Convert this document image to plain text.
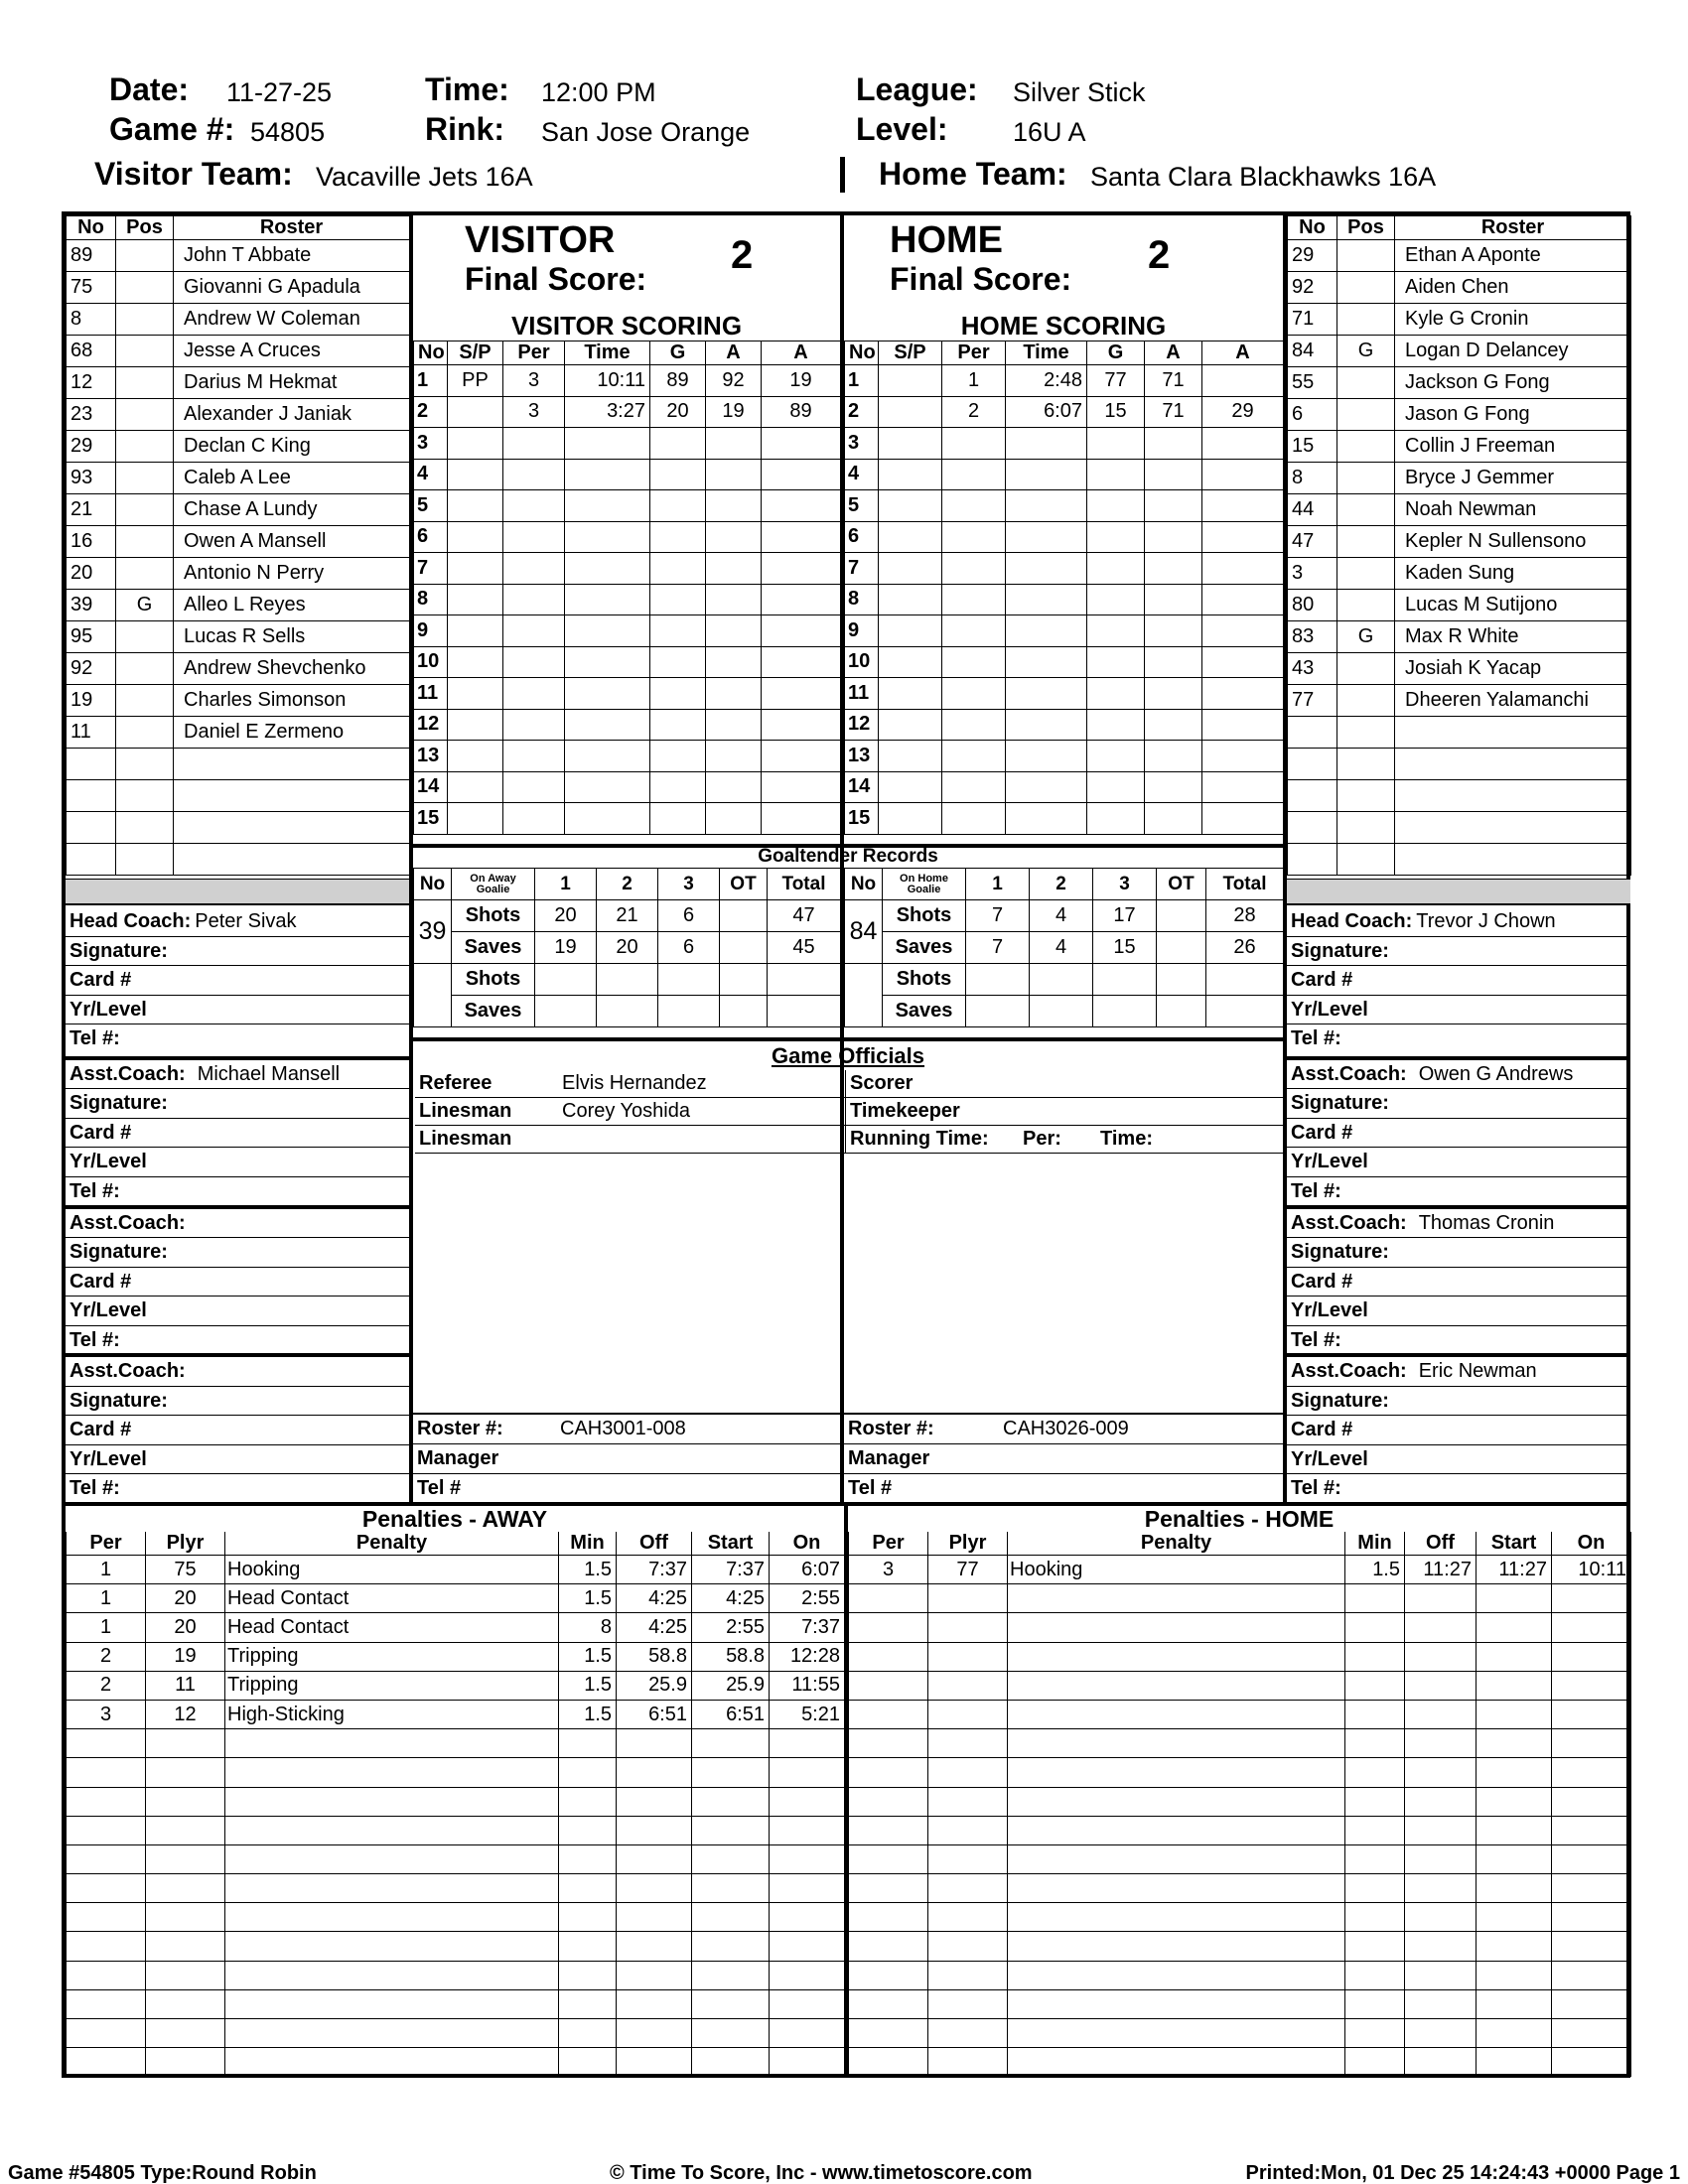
Date: 11-27-25	Time: 12:00 PM	League: Silver Stick
Game #: 54805	Rink: San Jose Orange	Level: 16U A
Visitor Team: Vacaville Jets 16A	Home Team: Santa Clara Blackhawks 16A
No	Pos	Roster
89		John T Abbate
75		Giovanni G Apadula
8		Andrew W Coleman
68		Jesse A Cruces
12		Darius M Hekmat
23		Alexander J Janiak
29		Declan C King
93		Caleb A Lee
21		Chase A Lundy
16		Owen A Mansell
20		Antonio N Perry
39	G	Alleo L Reyes
95		Lucas R Sells
92		Andrew Shevchenko
19		Charles Simonson
11		Daniel E Zermeno

No	Pos	Roster
29		Ethan A Aponte
92		Aiden Chen
71		Kyle G Cronin
84	G	Logan D Delancey
55		Jackson G Fong
6		Jason G Fong
15		Collin J Freeman
8		Bryce J Gemmer
44		Noah Newman
47		Kepler N Sullensono
3		Kaden Sung
80		Lucas M Sutijono
83	G	Max R White
43		Josiah K Yacap
77		Dheeren Yalamanchi

VISITOR
Final Score:
2
VISITOR SCORING
No	S/P	Per	Time	G	A	A
1	PP	3	10:11	89	92	19
2		3	3:27	20	19	89
3						
4						
5						
6						
7						
8						
9						
10						
11						
12						
13						
14						
15						
HOME
Final Score:
2
HOME SCORING
No	S/P	Per	Time	G	A	A
1		1	2:48	77	71	
2		2	6:07	15	71	29
3						
4						
5						
6						
7						
8						
9						
10						
11						
12						
13						
14						
15						
Goaltender Records
No	On Away
Goalie	1	2	3	OT	Total
39	Shots	20	21	6		47
	Saves	19	20	6		45
	Shots					
	Saves					
No	On Home
Goalie	1	2	3	OT	Total
84	Shots	7	4	17		28
	Saves	7	4	15		26
	Shots					
	Saves					
Game Officials
Referee	Elvis Hernandez
Linesman	Corey Yoshida
Linesman
Scorer
Timekeeper
Running Time: Per: Time:
Roster #:	CAH3001-008
Manager
Tel #
Roster #:	CAH3026-009
Manager
Tel #
Head Coach: Peter Sivak
Signature:
Card #
Yr/Level
Tel #:
Asst.Coach: Michael Mansell
Signature:
Card #
Yr/Level
Tel #:
Asst.Coach:
Signature:
Card #
Yr/Level
Tel #:
Asst.Coach:
Signature:
Card #
Yr/Level
Tel #:
Head Coach: Trevor J Chown
Signature:
Card #
Yr/Level
Tel #:
Asst.Coach: Owen G Andrews
Signature:
Card #
Yr/Level
Tel #:
Asst.Coach: Thomas Cronin
Signature:
Card #
Yr/Level
Tel #:
Asst.Coach: Eric Newman
Signature:
Card #
Yr/Level
Tel #:
Penalties - AWAY	Penalties - HOME
Per	Plyr	Penalty	Min	Off	Start	On
1	75	Hooking	1.5	7:37	7:37	6:07
1	20	Head Contact	1.5	4:25	4:25	2:55
1	20	Head Contact	8	4:25	2:55	7:37
2	19	Tripping	1.5	58.8	58.8	12:28
2	11	Tripping	1.5	25.9	25.9	11:55
3	12	High-Sticking	1.5	6:51	6:51	5:21

Per	Plyr	Penalty	Min	Off	Start	On
3	77	Hooking	1.5	11:27	11:27	10:11

Game #54805 Type:Round Robin	© Time To Score, Inc - www.timetoscore.com	Printed:Mon, 01 Dec 25 14:24:43 +0000 Page 1
